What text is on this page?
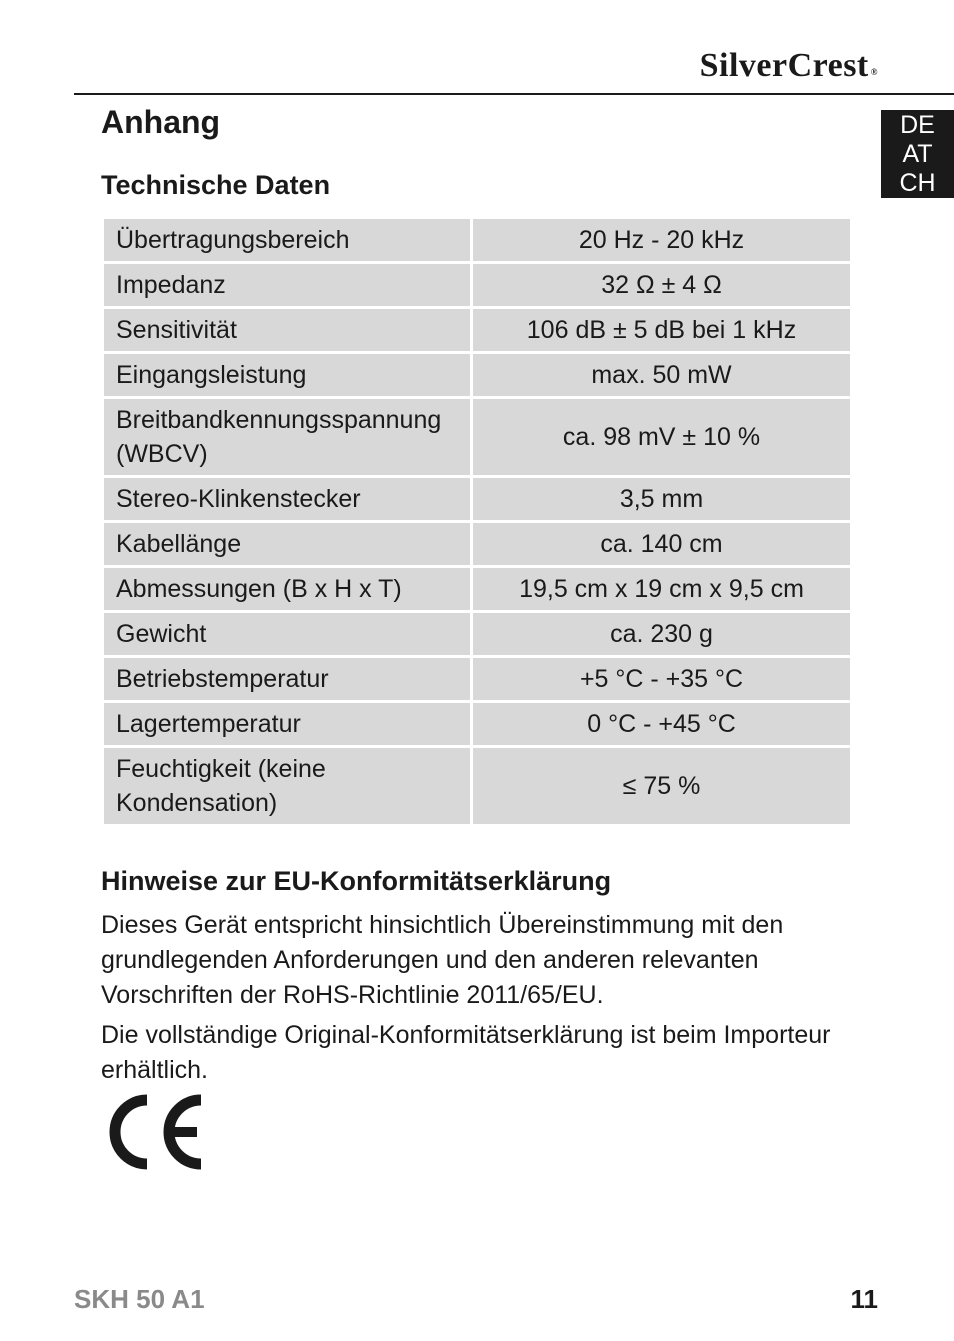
SilverCrest ®
DE
AT
CH
Anhang
Technische Daten
Übertragungsbereich	20 Hz - 20 kHz
Impedanz	32 Ω ± 4 Ω
Sensitivität	106 dB ± 5 dB bei 1 kHz
Eingangsleistung	max. 50 mW
Breitbandkennungsspannung (WBCV)	ca. 98 mV ± 10 %
Stereo-Klinkenstecker	3,5 mm
Kabellänge	ca. 140 cm
Abmessungen (B x H x T)	19,5 cm x 19 cm x 9,5 cm
Gewicht	ca. 230 g
Betriebstemperatur	+5 °C - +35 °C
Lagertemperatur	0 °C - +45 °C
Feuchtigkeit (keine Kondensation)	≤ 75 %
Hinweise zur EU-Konformitätserklärung

Dieses Gerät entspricht hinsichtlich Übereinstimmung mit den grundlegenden Anforderungen und den anderen relevanten Vorschriften der RoHS-Richtlinie 2011/65/EU.

Die vollständige Original-Konformitätserklärung ist beim Importeur erhältlich.

SKH 50 A1	11
